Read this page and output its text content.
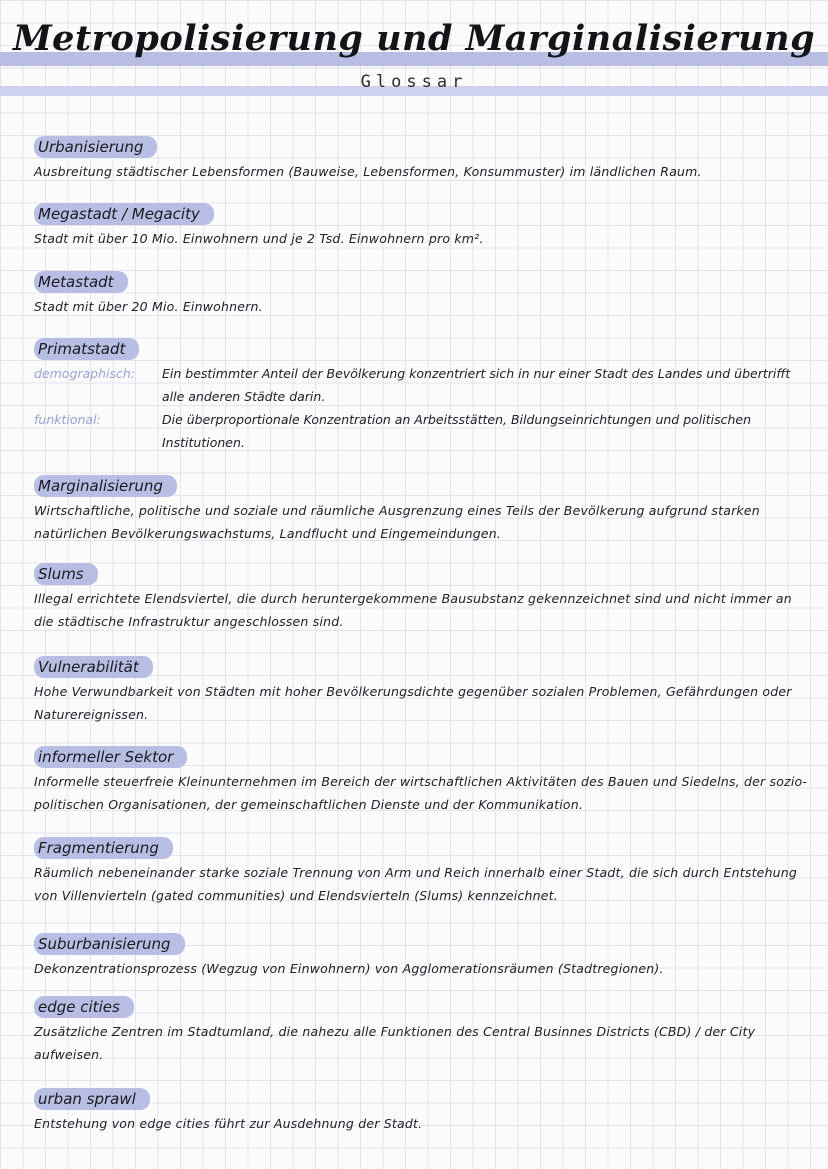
Metropolisierung und Marginalisierung
Glossar
Urbanisierung
Ausbreitung städtischer Lebensformen (Bauweise, Lebensformen, Konsummuster) im ländlichen Raum.
Megastadt / Megacity
Stadt mit über 10 Mio. Einwohnern und je 2 Tsd. Einwohnern pro km².
Metastadt
Stadt mit über 20 Mio. Einwohnern.
Primatstadt
demographisch:	Ein bestimmter Anteil der Bevölkerung konzentriert sich in nur einer Stadt des Landes und übertrifft alle anderen Städte darin.
funktional:	Die überproportionale Konzentration an Arbeitsstätten, Bildungseinrichtungen und politischen Institutionen.
Marginalisierung
Wirtschaftliche, politische und soziale und räumliche Ausgrenzung eines Teils der Bevölkerung aufgrund starken natürlichen Bevölkerungswachstums, Landflucht und Eingemeindungen.
Slums
Illegal errichtete Elendsviertel, die durch heruntergekommene Bausubstanz gekennzeichnet sind und nicht immer an die städtische Infrastruktur angeschlossen sind.
Vulnerabilität
Hohe Verwundbarkeit von Städten mit hoher Bevölkerungsdichte gegenüber sozialen Problemen, Gefährdungen oder Naturereignissen.
informeller Sektor
Informelle steuerfreie Kleinunternehmen im Bereich der wirtschaftlichen Aktivitäten des Bauen und Siedelns, der sozio-politischen Organisationen, der gemeinschaftlichen Dienste und der Kommunikation.
Fragmentierung
Räumlich nebeneinander starke soziale Trennung von Arm und Reich innerhalb einer Stadt, die sich durch Entstehung von Villenvierteln (gated communities) und Elendsvierteln (Slums) kennzeichnet.
Suburbanisierung
Dekonzentrationsprozess (Wegzug von Einwohnern) von Agglomerationsräumen (Stadtregionen).
edge cities
Zusätzliche Zentren im Stadtumland, die nahezu alle Funktionen des Central Businnes Districts (CBD) / der City aufweisen.
urban sprawl
Entstehung von edge cities führt zur Ausdehnung der Stadt.
